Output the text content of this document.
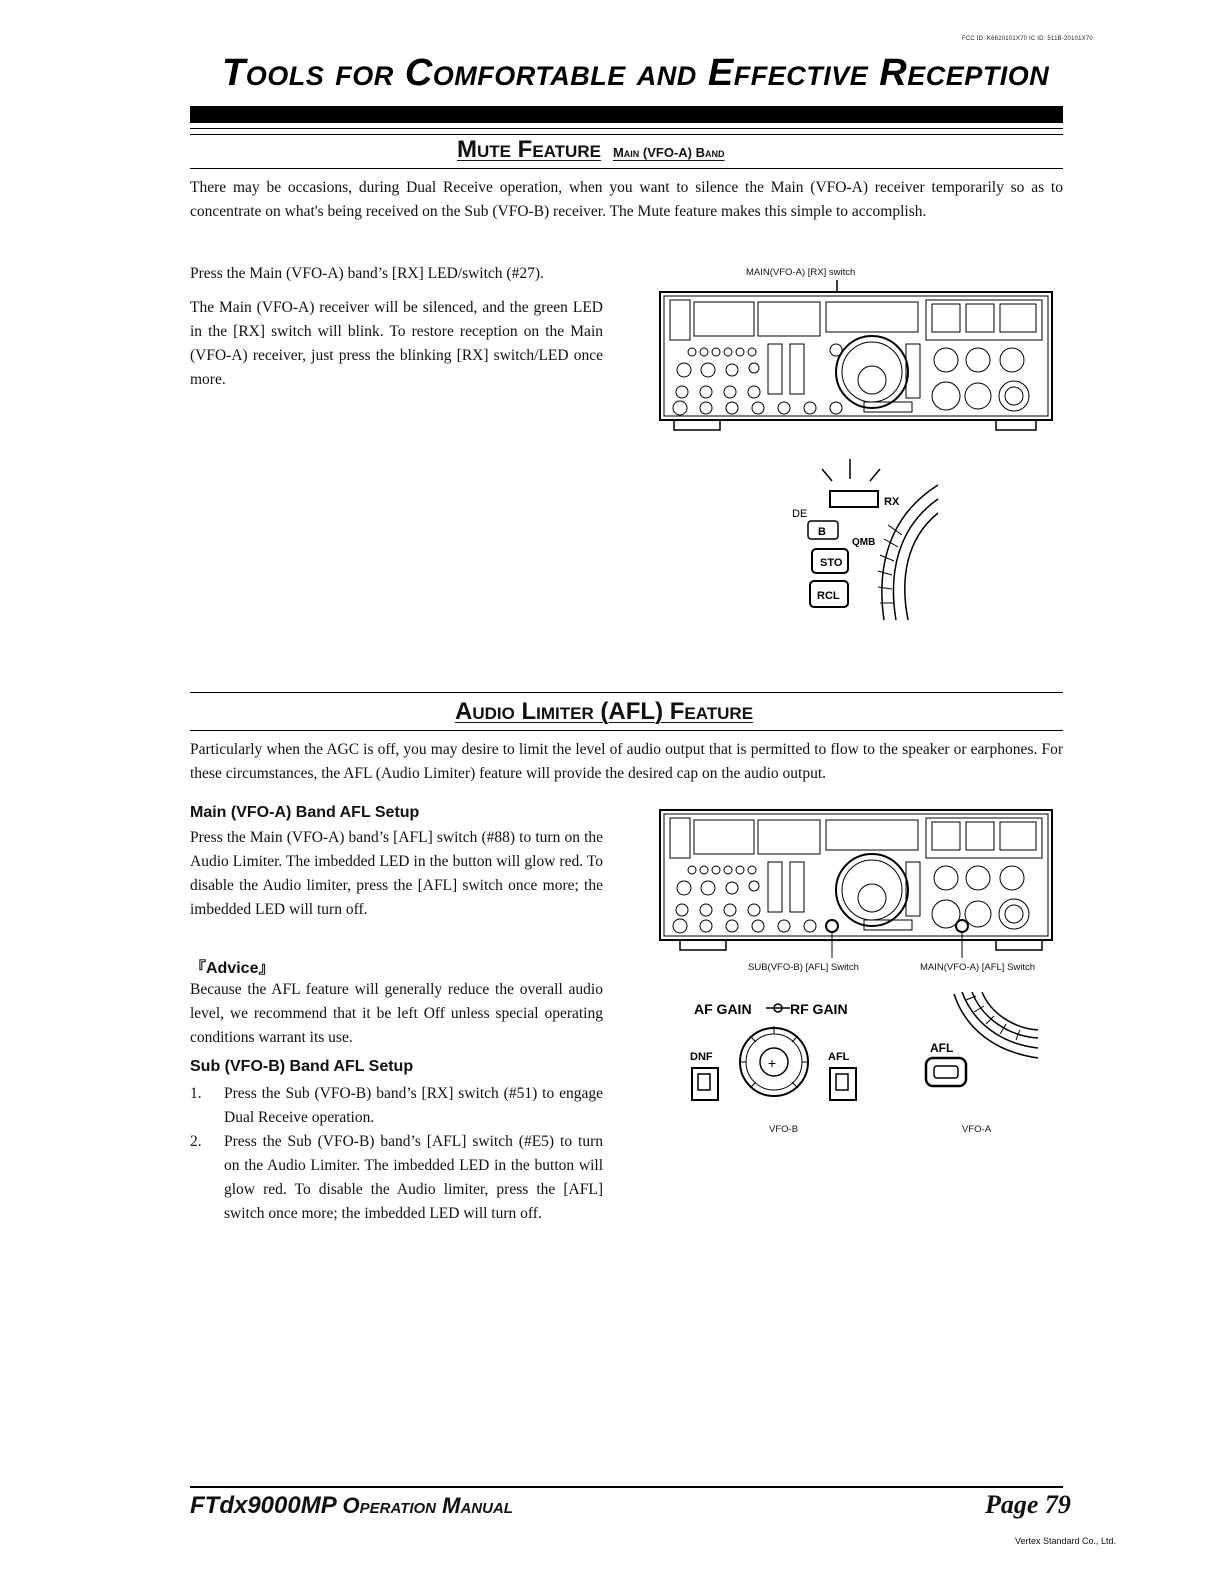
FCC ID: K6620101X70 IC ID: 511B-20101X70
Tools for Comfortable and Effective Reception
Mute Feature Main (VFO-A) Band
There may be occasions, during Dual Receive operation, when you want to silence the Main (VFO-A) receiver temporarily so as to concentrate on what's being received on the Sub (VFO-B) receiver. The Mute feature makes this simple to accomplish.
Press the Main (VFO-A) band’s [RX] LED/switch (#27).
The Main (VFO-A) receiver will be silenced, and the green LED in the [RX] switch will blink. To restore reception on the Main (VFO-A) receiver, just press the blinking [RX] switch/LED once more.
MAIN(VFO-A) [RX] switch
RX
DE
B
QMB
STO
RCL
Audio Limiter (AFL) Feature
Particularly when the AGC is off, you may desire to limit the level of audio output that is permitted to flow to the speaker or earphones. For these circumstances, the AFL (Audio Limiter) feature will provide the desired cap on the audio output.
Main (VFO-A) Band AFL Setup
Press the Main (VFO-A) band’s [AFL] switch (#88) to turn on the Audio Limiter. The imbedded LED in the button will glow red. To disable the Audio limiter, press the [AFL] switch once more; the imbedded LED will turn off.
『Advice』
Because the AFL feature will generally reduce the overall audio level, we recommend that it be left Off unless special operating conditions warrant its use.
Sub (VFO-B) Band AFL Setup
1. Press the Sub (VFO-B) band’s [RX] switch (#51) to engage Dual Receive operation.
2. Press the Sub (VFO-B) band’s [AFL] switch (#E5) to turn on the Audio Limiter. The imbedded LED in the button will glow red. To disable the Audio limiter, press the [AFL] switch once more; the imbedded LED will turn off.
SUB(VFO-B) [AFL] Switch	MAIN(VFO-A) [AFL] Switch
AF GAIN	RF GAIN
+
DNF	AFL
AFL
VFO-B	VFO-A
FTdx9000MP Operation Manual	Page 79
Vertex Standard Co., Ltd.
